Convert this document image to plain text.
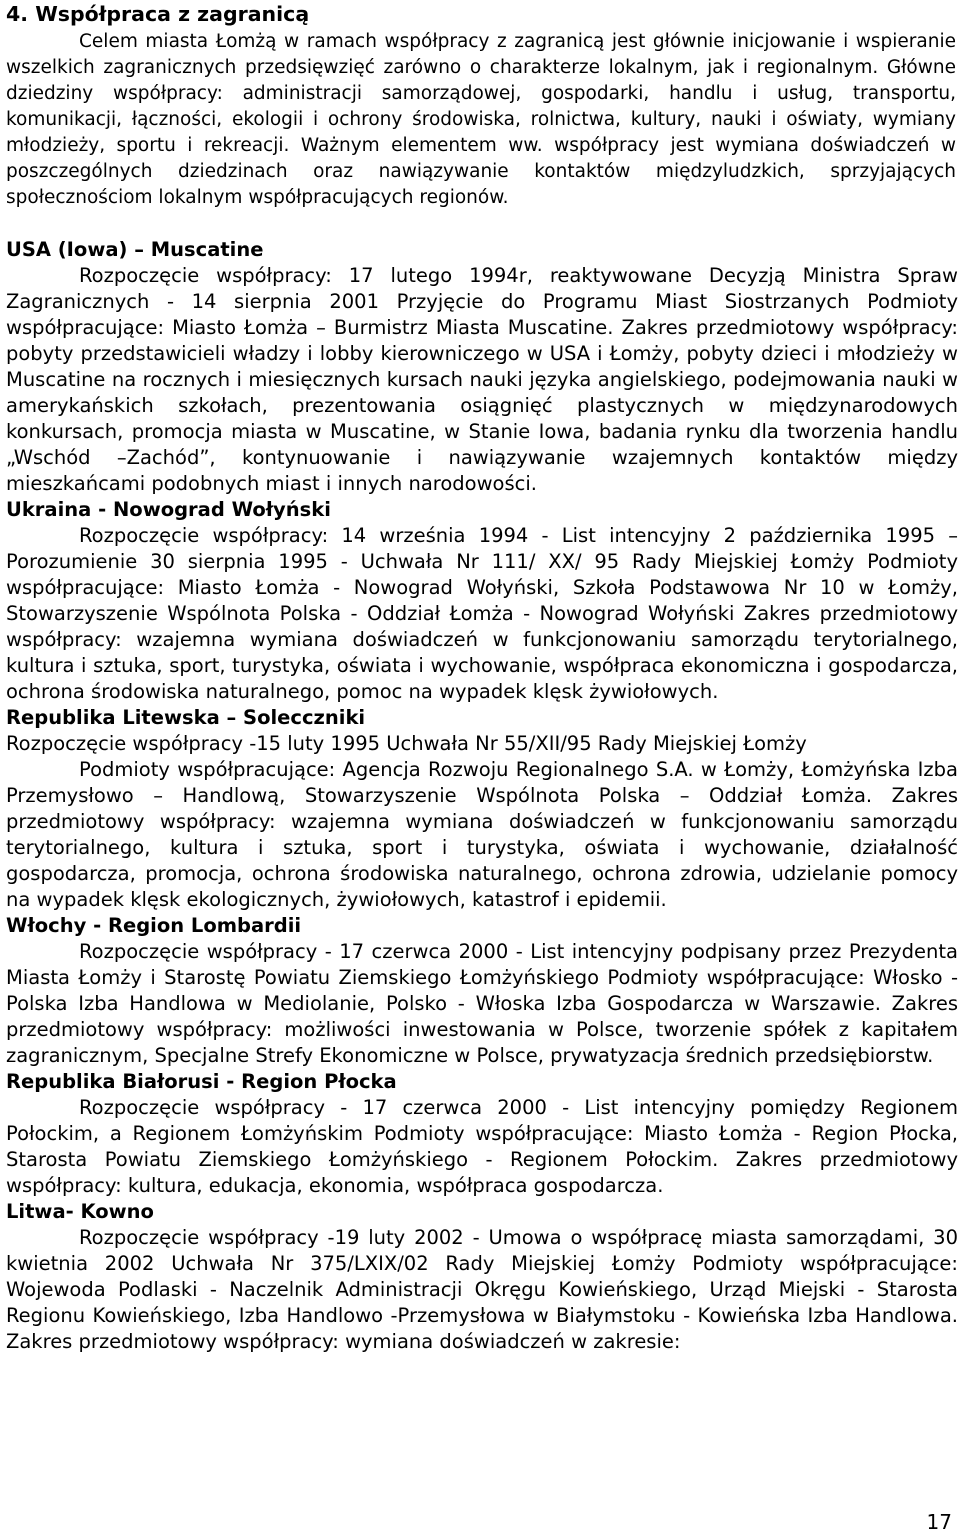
4. Współpraca z zagranicą

Celem miasta Łomżą w ramach współpracy z zagranicą jest głównie inicjowanie i wspieranie wszelkich zagranicznych przedsięwzięć zarówno o charakterze lokalnym, jak i regionalnym. Główne dziedziny współpracy: administracji samorządowej, gospodarki, handlu i usług, transportu, komunikacji, łączności, ekologii i ochrony środowiska, rolnictwa, kultury, nauki i oświaty, wymiany młodzieży, sportu i rekreacji. Ważnym elementem ww. współpracy jest wymiana doświadczeń w poszczególnych dziedzinach oraz nawiązywanie kontaktów międzyludzkich, sprzyjających społecznościom lokalnym współpracujących regionów.

USA (Iowa) – Muscatine

Rozpoczęcie współpracy: 17 lutego 1994r, reaktywowane Decyzją Ministra Spraw Zagranicznych - 14 sierpnia 2001 Przyjęcie do Programu Miast Siostrzanych Podmioty współpracujące: Miasto Łomża – Burmistrz Miasta Muscatine. Zakres przedmiotowy współpracy: pobyty przedstawicieli władzy i lobby kierowniczego w USA i Łomży, pobyty dzieci i młodzieży w Muscatine na rocznych i miesięcznych kursach nauki języka angielskiego, podejmowania nauki w amerykańskich szkołach, prezentowania osiągnięć plastycznych w międzynarodowych konkursach, promocja miasta w Muscatine, w Stanie Iowa, badania rynku dla tworzenia handlu „Wschód –Zachód”, kontynuowanie i nawiązywanie wzajemnych kontaktów między mieszkańcami podobnych miast i innych narodowości.

Ukraina - Nowograd Wołyński

Rozpoczęcie współpracy: 14 września 1994 - List intencyjny 2 października 1995 – Porozumienie 30 sierpnia 1995 - Uchwała Nr 111/ XX/ 95 Rady Miejskiej Łomży Podmioty współpracujące: Miasto Łomża - Nowograd Wołyński, Szkoła Podstawowa Nr 10 w Łomży, Stowarzyszenie Wspólnota Polska - Oddział Łomża - Nowograd Wołyński Zakres przedmiotowy współpracy: wzajemna wymiana doświadczeń w funkcjonowaniu samorządu terytorialnego, kultura i sztuka, sport, turystyka, oświata i wychowanie, współpraca ekonomiczna i gospodarcza, ochrona środowiska naturalnego, pomoc na wypadek klęsk żywiołowych.

Republika Litewska – Solecczniki

Rozpoczęcie współpracy -15 luty 1995 Uchwała Nr 55/XII/95 Rady Miejskiej Łomży

Podmioty współpracujące: Agencja Rozwoju Regionalnego S.A. w Łomży, Łomżyńska Izba Przemysłowo – Handlową, Stowarzyszenie Wspólnota Polska – Oddział Łomża. Zakres przedmiotowy współpracy: wzajemna wymiana doświadczeń w funkcjonowaniu samorządu terytorialnego, kultura i sztuka, sport i turystyka, oświata i wychowanie, działalność gospodarcza, promocja, ochrona środowiska naturalnego, ochrona zdrowia, udzielanie pomocy na wypadek klęsk ekologicznych, żywiołowych, katastrof i epidemii.

Włochy - Region Lombardii

Rozpoczęcie współpracy - 17 czerwca 2000 - List intencyjny podpisany przez Prezydenta Miasta Łomży i Starostę Powiatu Ziemskiego Łomżyńskiego Podmioty współpracujące: Włosko - Polska Izba Handlowa w Mediolanie, Polsko - Włoska Izba Gospodarcza w Warszawie. Zakres przedmiotowy współpracy: możliwości inwestowania w Polsce, tworzenie spółek z kapitałem zagranicznym, Specjalne Strefy Ekonomiczne w Polsce, prywatyzacja średnich przedsiębiorstw.

Republika Białorusi - Region Płocka

Rozpoczęcie współpracy - 17 czerwca 2000 - List intencyjny pomiędzy Regionem Połockim, a Regionem Łomżyńskim Podmioty współpracujące: Miasto Łomża - Region Płocka, Starosta Powiatu Ziemskiego Łomżyńskiego - Regionem Połockim. Zakres przedmiotowy współpracy: kultura, edukacja, ekonomia, współpraca gospodarcza.

Litwa- Kowno

Rozpoczęcie współpracy -19 luty 2002 - Umowa o współpracę miasta samorządami, 30 kwietnia 2002 Uchwała Nr 375/LXIX/02 Rady Miejskiej Łomży Podmioty współpracujące: Wojewoda Podlaski - Naczelnik Administracji Okręgu Kowieńskiego, Urząd Miejski - Starosta Regionu Kowieńskiego, Izba Handlowo -Przemysłowa w Białymstoku - Kowieńska Izba Handlowa. Zakres przedmiotowy współpracy: wymiana doświadczeń w zakresie:

17
